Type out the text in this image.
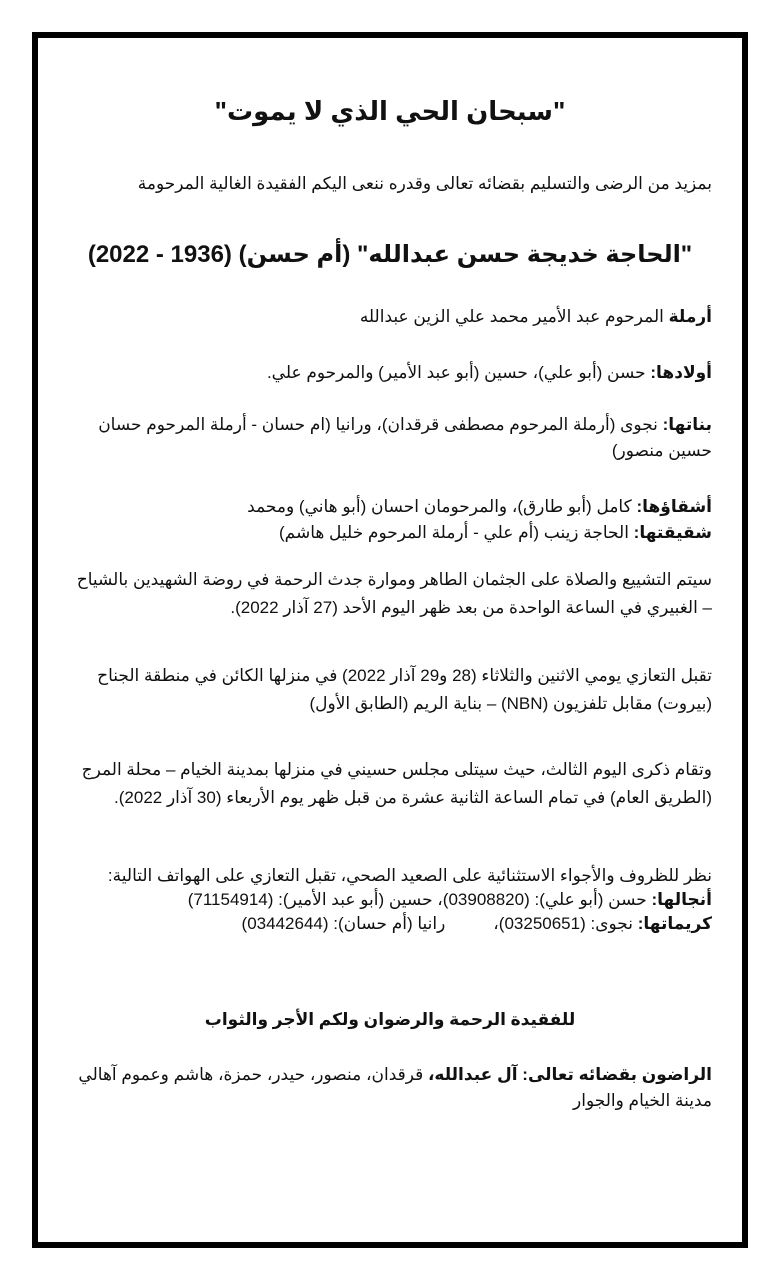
"سبحان الحي الذي لا يموت"

بمزيد من الرضى والتسليم بقضائه تعالى وقدره ننعى اليكم الفقيدة الغالية المرحومة

"الحاجة خديجة حسن عبدالله" (أم حسن) (1936 - 2022)

أرملة المرحوم عبد الأمير محمد علي الزين عبدالله

أولادها: حسن (أبو علي)، حسين (أبو عبد الأمير) والمرحوم علي.

بناتها: نجوى (أرملة المرحوم مصطفى قرقدان)، ورانيا (ام حسان - أرملة المرحوم حسان حسين منصور)

أشقاؤها: كامل (أبو طارق)، والمرحومان احسان (أبو هاني) ومحمد
شقيقتها: الحاجة زينب (أم علي - أرملة المرحوم خليل هاشم)

سيتم التشييع والصلاة على الجثمان الطاهر وموارة جدث الرحمة في روضة الشهيدين بالشياح – الغبيري في الساعة الواحدة من بعد ظهر اليوم الأحد (27 آذار 2022).

تقبل التعازي يومي الاثنين والثلاثاء (28 و29 آذار 2022) في منزلها الكائن في منطقة الجناح (بيروت) مقابل تلفزيون (NBN) – بناية الريم (الطابق الأول)

وتقام ذكرى اليوم الثالث، حيث سيتلى مجلس حسيني في منزلها بمدينة الخيام – محلة المرج (الطريق العام) في تمام الساعة الثانية عشرة من قبل ظهر يوم الأربعاء (30 آذار 2022).

نظر للظروف والأجواء الاستثنائية على الصعيد الصحي، تقبل التعازي على الهواتف التالية:
أنجالها: حسن (أبو علي): (03908820)، حسين (أبو عبد الأمير): (71154914)
كريماتها: نجوى: (03250651)،رانيا (أم حسان): (03442644)

للفقيدة الرحمة والرضوان ولكم الأجر والثواب

الراضون بقضائه تعالى: آل عبدالله، قرقدان، منصور، حيدر، حمزة، هاشم وعموم آهالي مدينة الخيام والجوار
